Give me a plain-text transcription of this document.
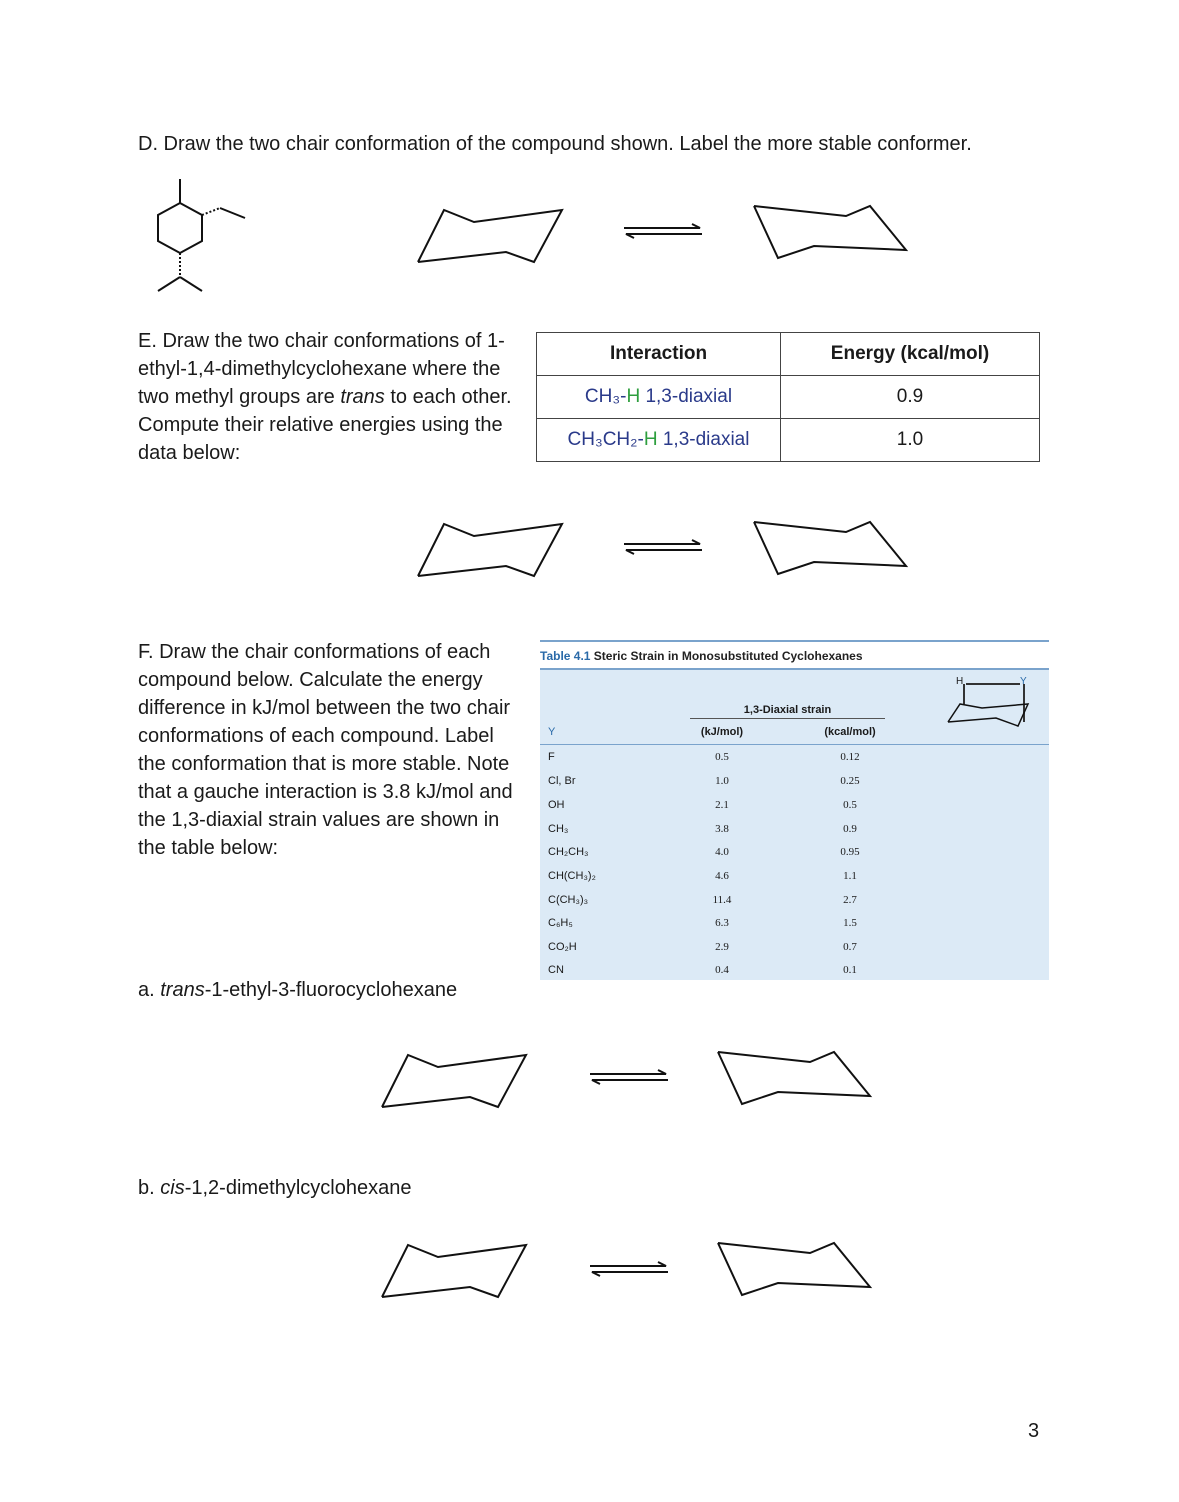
D. Draw the two chair conformation of the compound shown. Label the more stable conformer.
E. Draw the two chair conformations of 1-ethyl-1,4-dimethylcyclohexane where the two methyl groups are trans to each other. Compute their relative energies using the data below:
Interaction	Energy (kcal/mol)
CH₃-H 1,3-diaxial	0.9
CH₃CH₂-H 1,3-diaxial	1.0
F. Draw the chair conformations of each compound below. Calculate the energy difference in kJ/mol between the two chair conformations of each compound. Label the conformation that is more stable. Note that a gauche interaction is 3.8 kJ/mol and the 1,3-diaxial strain values are shown in the table below:
Table 4.1 Steric Strain in Monosubstituted Cyclohexanes
1,3-Diaxial strain
Y	(kJ/mol)	(kcal/mol)
F	0.5	0.12
Cl, Br	1.0	0.25
OH	2.1	0.5
CH₃	3.8	0.9
CH₂CH₃	4.0	0.95
CH(CH₃)₂	4.6	1.1
C(CH₃)₃	11.4	2.7
C₆H₅	6.3	1.5
CO₂H	2.9	0.7
CN	0.4	0.1
H	Y
a. trans-1-ethyl-3-fluorocyclohexane
b. cis-1,2-dimethylcyclohexane
3
